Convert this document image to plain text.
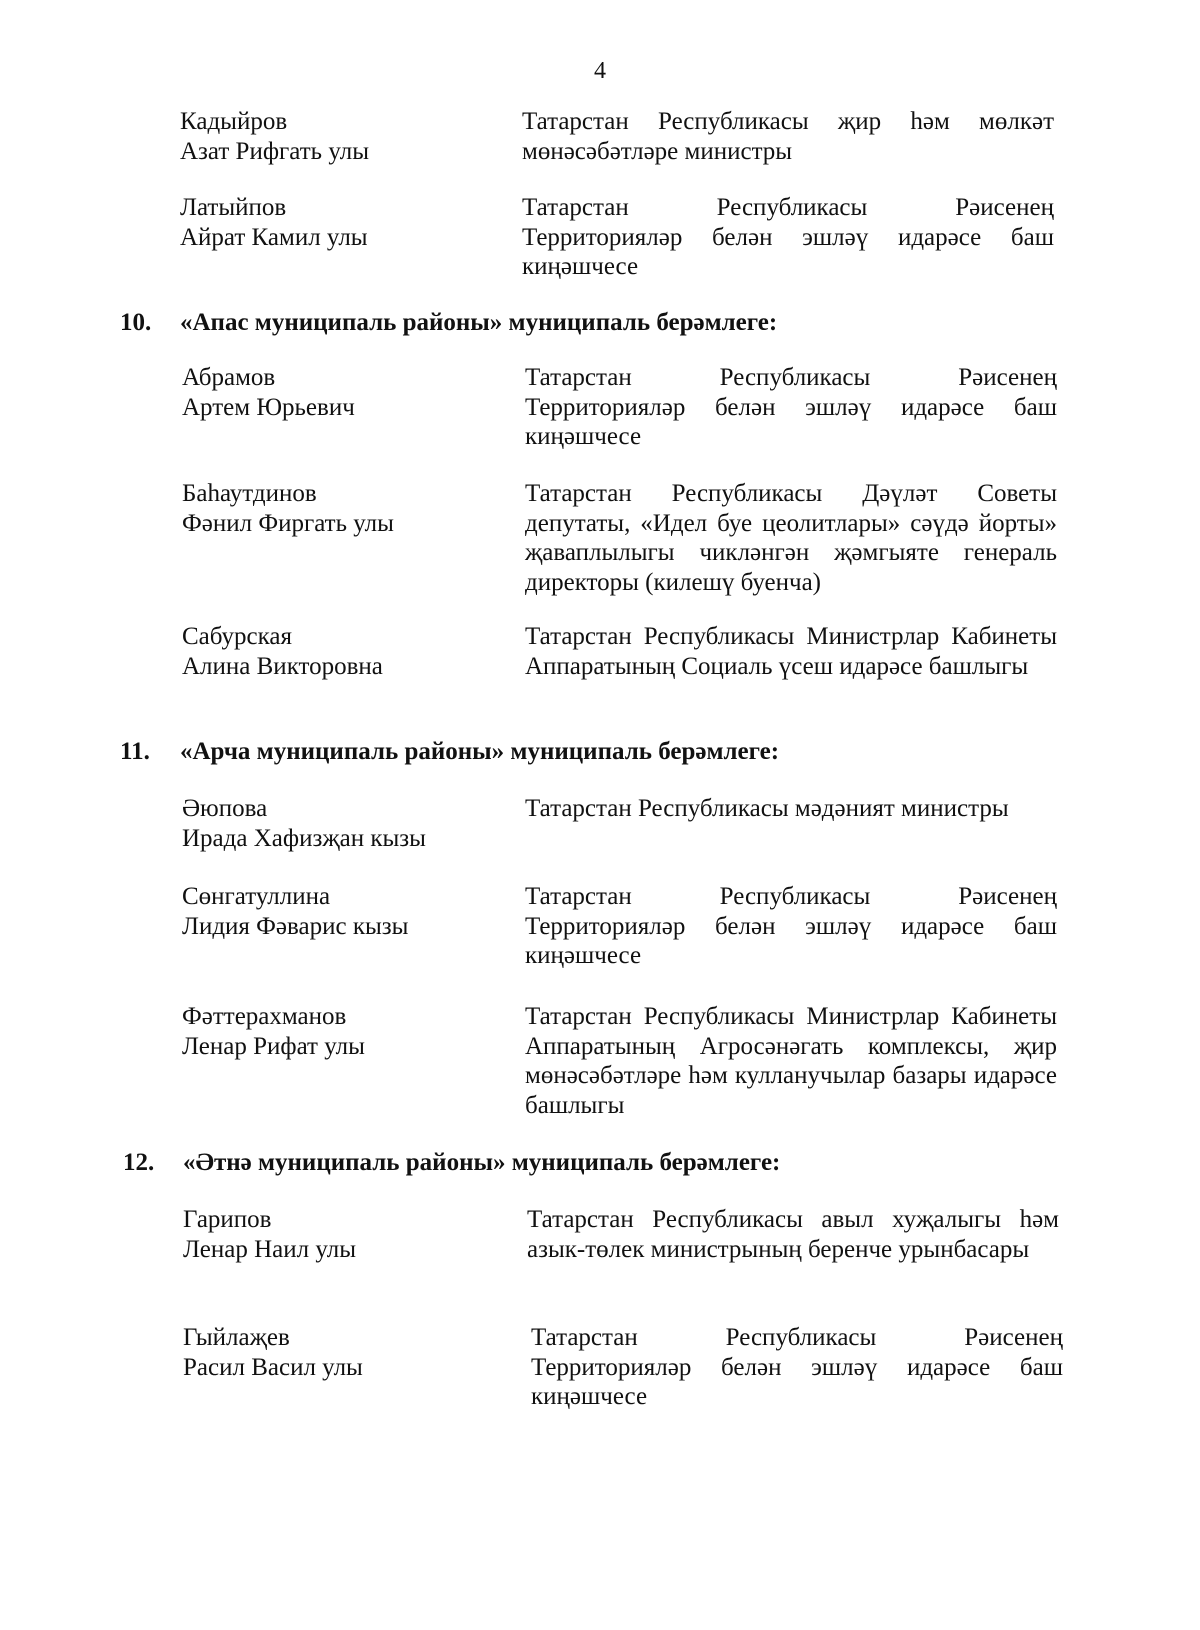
4
Кадыйров
Азат Рифгать улы
Татарстан Республикасы җир һәм мөлкәт мөнәсәбәтләре министры
Латыйпов
Айрат Камил улы
Татарстан Республикасы Рәисенең Территорияләр белән эшләү идарәсе баш киңәшчесе
10. «Апас муниципаль районы» муниципаль берәмлеге:
Абрамов
Артем Юрьевич
Татарстан Республикасы Рәисенең Территорияләр белән эшләү идарәсе баш киңәшчесе
Баһаутдинов
Фәнил Фиргать улы
Татарстан Республикасы Дәүләт Советы депутаты, «Идел буе цеолитлары» сәүдә йорты» җаваплылыгы чикләнгән җәмгыяте генераль директоры (килешү буенча)
Сабурская
Алина Викторовна
Татарстан Республикасы Министрлар Кабинеты Аппаратының Социаль үсеш идарәсе башлыгы
11. «Арча муниципаль районы» муниципаль берәмлеге:
Әюпова
Ирада Хафизҗан кызы
Татарстан Республикасы мәдәният министры
Сөнгатуллина
Лидия Фәварис кызы
Татарстан Республикасы Рәисенең Территорияләр белән эшләү идарәсе баш киңәшчесе
Фәттерахманов
Ленар Рифат улы
Татарстан Республикасы Министрлар Кабинеты Аппаратының Агросәнәгать комплексы, җир мөнәсәбәтләре һәм кулланучылар базары идарәсе башлыгы
12. «Әтнә муниципаль районы» муниципаль берәмлеге:
Гарипов
Ленар Наил улы
Татарстан Республикасы авыл хуҗалыгы һәм азык-төлек министрының беренче урынбасары
Гыйлаҗев
Расил Васил улы
Татарстан Республикасы Рәисенең Территорияләр белән эшләү идарәсе баш киңәшчесе
